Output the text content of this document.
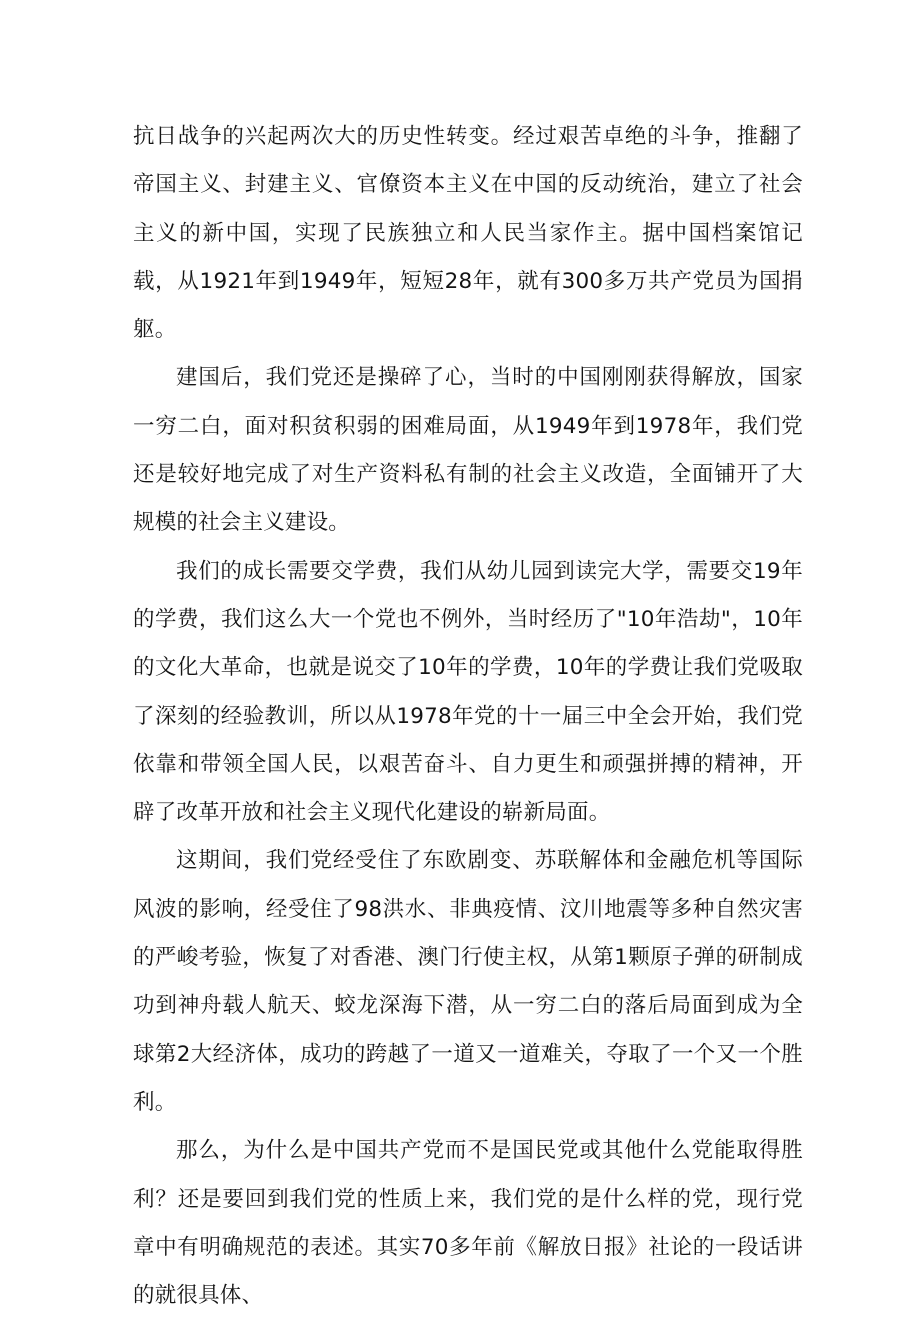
抗日战争的兴起两次大的历史性转变。经过艰苦卓绝的斗争，推翻了帝国主义、封建主义、官僚资本主义在中国的反动统治，建立了社会主义的新中国，实现了民族独立和人民当家作主。据中国档案馆记载，从1921年到1949年，短短28年，就有300多万共产党员为国捐躯。

建国后，我们党还是操碎了心，当时的中国刚刚获得解放，国家一穷二白，面对积贫积弱的困难局面，从1949年到1978年，我们党还是较好地完成了对生产资料私有制的社会主义改造，全面铺开了大规模的社会主义建设。

我们的成长需要交学费，我们从幼儿园到读完大学，需要交19年的学费，我们这么大一个党也不例外，当时经历了"10年浩劫"，10年的文化大革命，也就是说交了10年的学费，10年的学费让我们党吸取了深刻的经验教训，所以从1978年党的十一届三中全会开始，我们党依靠和带领全国人民，以艰苦奋斗、自力更生和顽强拼搏的精神，开辟了改革开放和社会主义现代化建设的崭新局面。

这期间，我们党经受住了东欧剧变、苏联解体和金融危机等国际风波的影响，经受住了98洪水、非典疫情、汶川地震等多种自然灾害的严峻考验，恢复了对香港、澳门行使主权，从第1颗原子弹的研制成功到神舟载人航天、蛟龙深海下潜，从一穷二白的落后局面到成为全球第2大经济体，成功的跨越了一道又一道难关，夺取了一个又一个胜利。

那么，为什么是中国共产党而不是国民党或其他什么党能取得胜利？还是要回到我们党的性质上来，我们党的是什么样的党，现行党章中有明确规范的表述。其实70多年前《解放日报》社论的一段话讲的就很具体、
